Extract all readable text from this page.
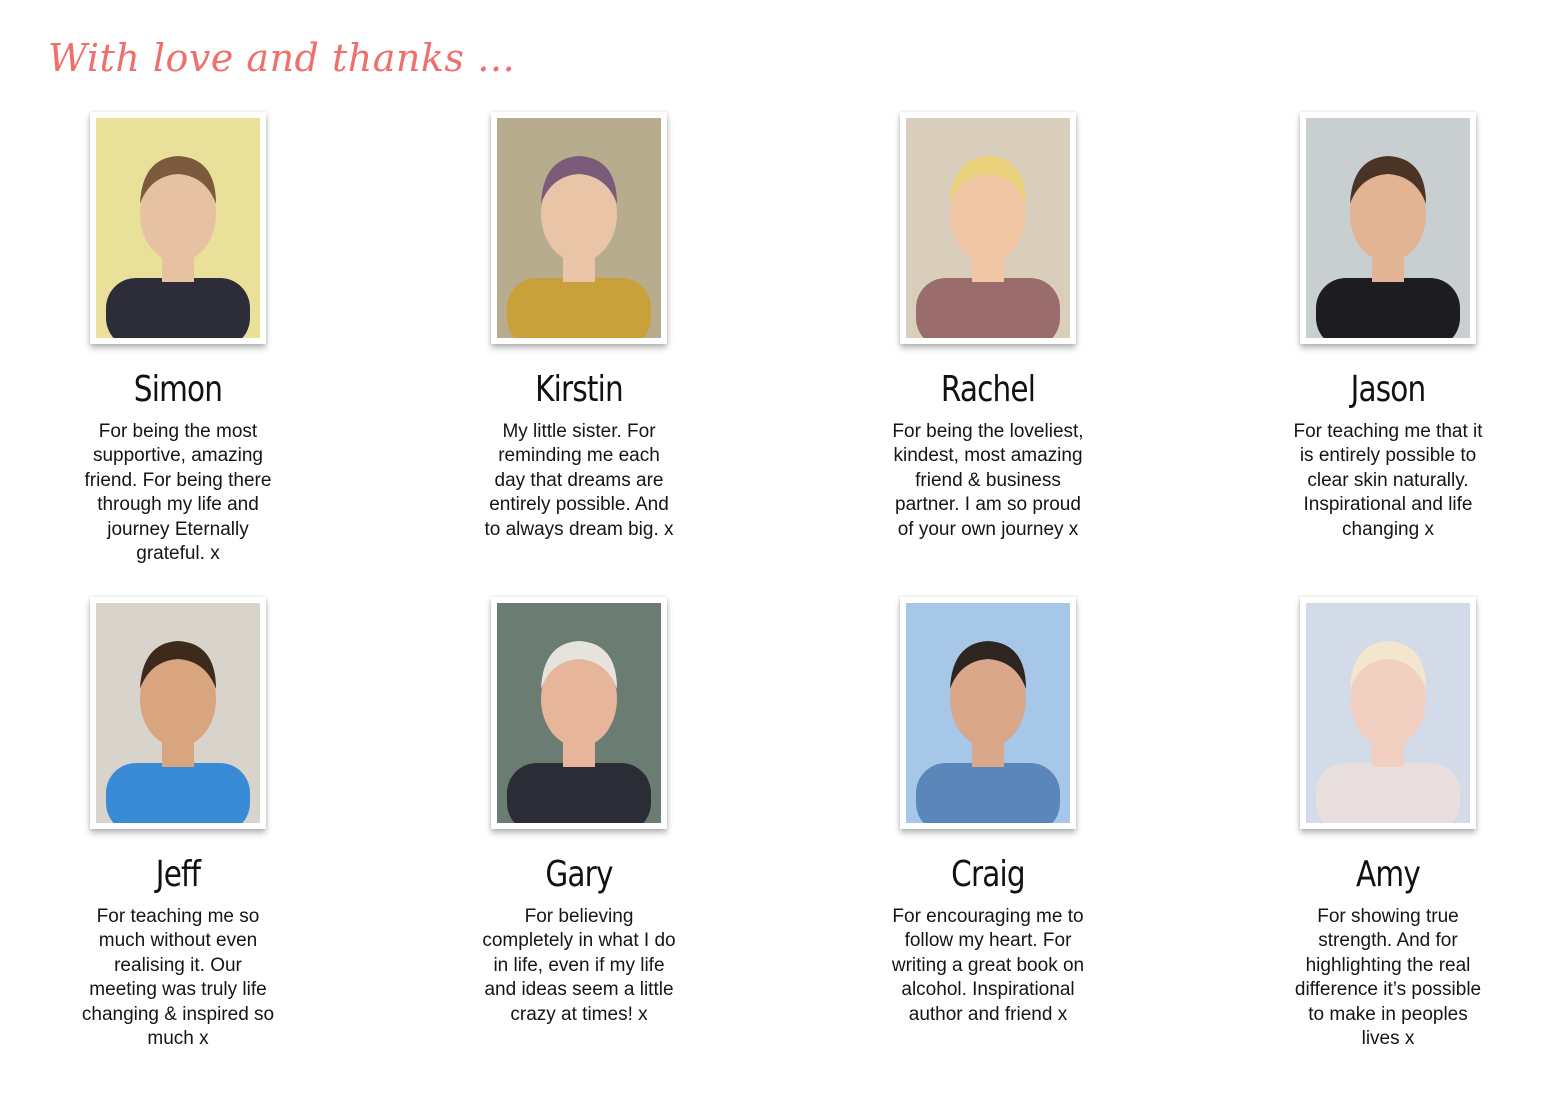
With love and thanks …
Simon
For being the most supportive, amazing friend. For being there through my life and journey Eternally grateful. x
Kirstin
My little sister. For reminding me each day that dreams are entirely possible. And to always dream big. x
Rachel
For being the loveliest, kindest, most amazing friend & business partner. I am so proud of your own journey x
Jason
For teaching me that it is entirely possible to clear skin naturally. Inspirational and life changing x
Jeff
For teaching me so much without even realising it. Our meeting was truly life changing & inspired so much x
Gary
For believing completely in what I do in life, even if my life and ideas seem a little crazy at times! x
Craig
For encouraging me to follow my heart. For writing a great book on alcohol. Inspirational author and friend x
Amy
For showing true strength. And for highlighting the real difference it’s possible to make in peoples lives x
